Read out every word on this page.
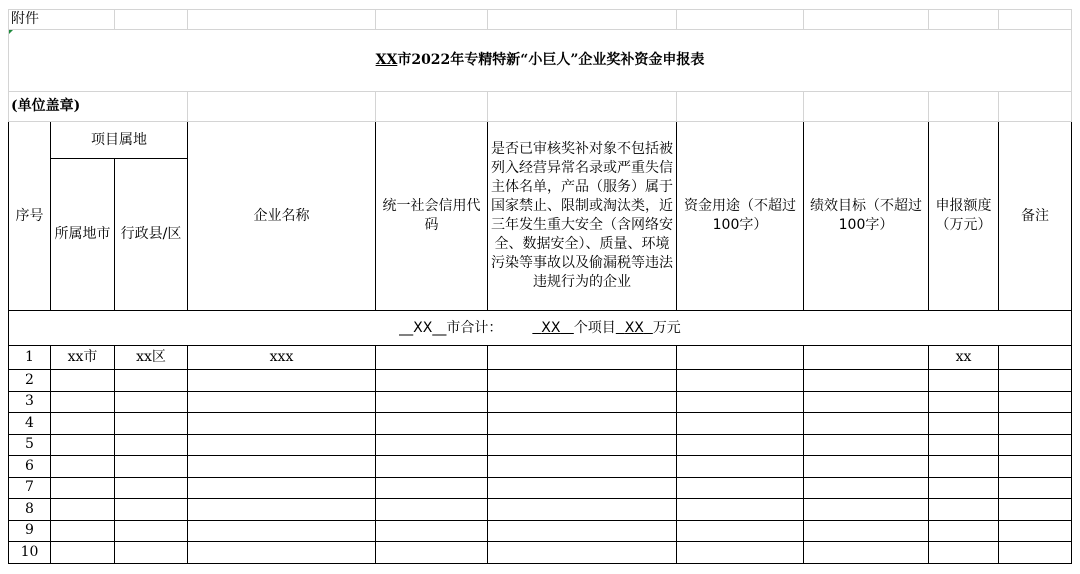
附件									
XX市2022年专精特新“小巨人”企业奖补资金申报表									
(单位盖章)									
序号	项目属地		企业名称	统一社会信用代码	是否已审核奖补对象不包括被列入经营异常名录或严重失信主体名单，产品（服务）属于国家禁止、限制或淘汰类，近三年发生重大安全（含网络安全、数据安全）、质量、环境污染等事故以及偷漏税等违法违规行为的企业	资金用途（不超过100字）	绩效目标（不超过100字）	申报额度（万元）	备注
	所属地市	行政县/区							
__XX__市合计： XX 个项目 XX 万元									
1	xx市	xx区	xxx					xx	
2									
3									
4									
5									
6									
7									
8									
9									
10									
